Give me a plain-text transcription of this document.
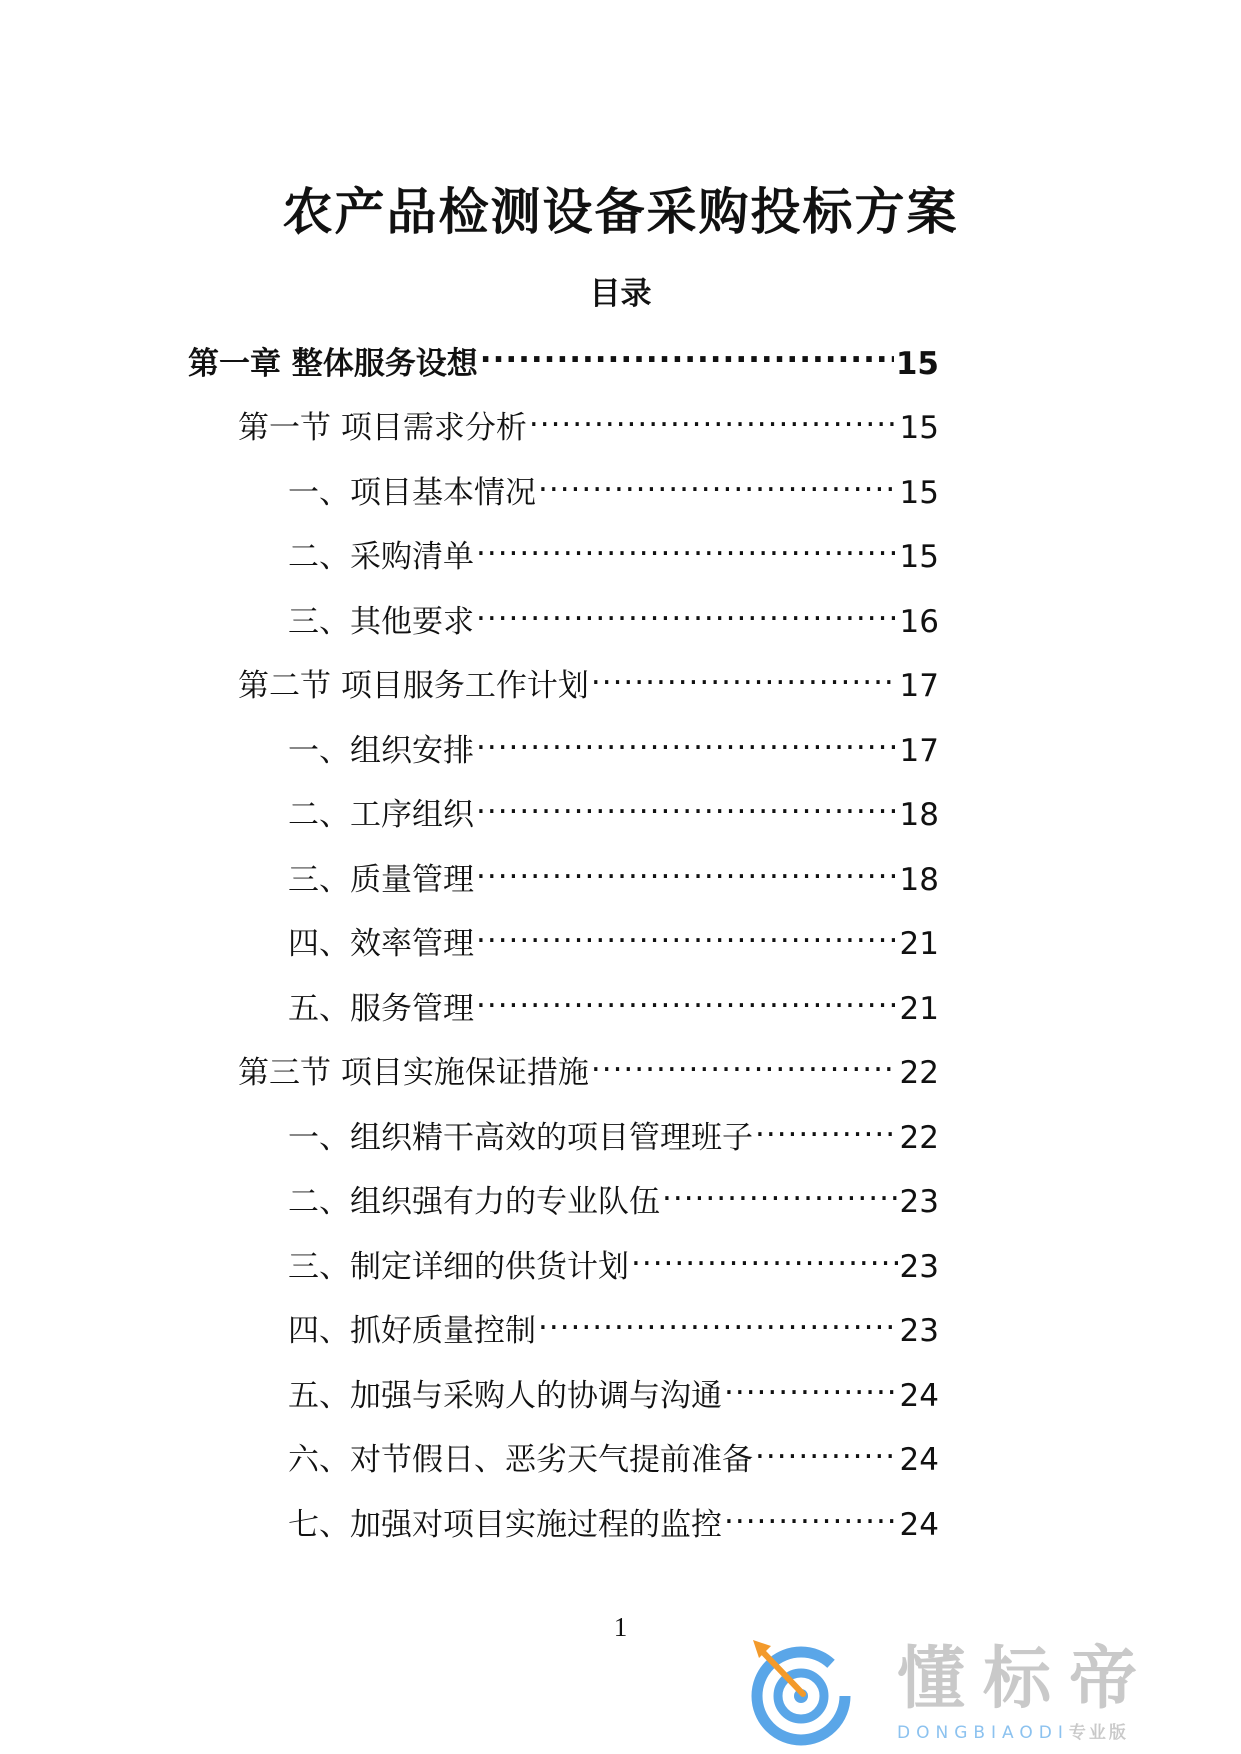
农产品检测设备采购投标方案
目录
第一章 整体服务设想 .....	15
第一节 项目需求分析 .....	15
一、项目基本情况 .....	15
二、采购清单 .....	15
三、其他要求 .....	16
第二节 项目服务工作计划 .....	17
一、组织安排 .....	17
二、工序组织 .....	18
三、质量管理 .....	18
四、效率管理 .....	21
五、服务管理 .....	21
第三节 项目实施保证措施 .....	22
一、组织精干高效的项目管理班子 .....	22
二、组织强有力的专业队伍 .....	23
三、制定详细的供货计划 .....	23
四、抓好质量控制 .....	23
五、加强与采购人的协调与沟通 .....	24
六、对节假日、恶劣天气提前准备 .....	24
七、加强对项目实施过程的监控 .....	24
1
懂标帝
DONGBIAODI专业版
